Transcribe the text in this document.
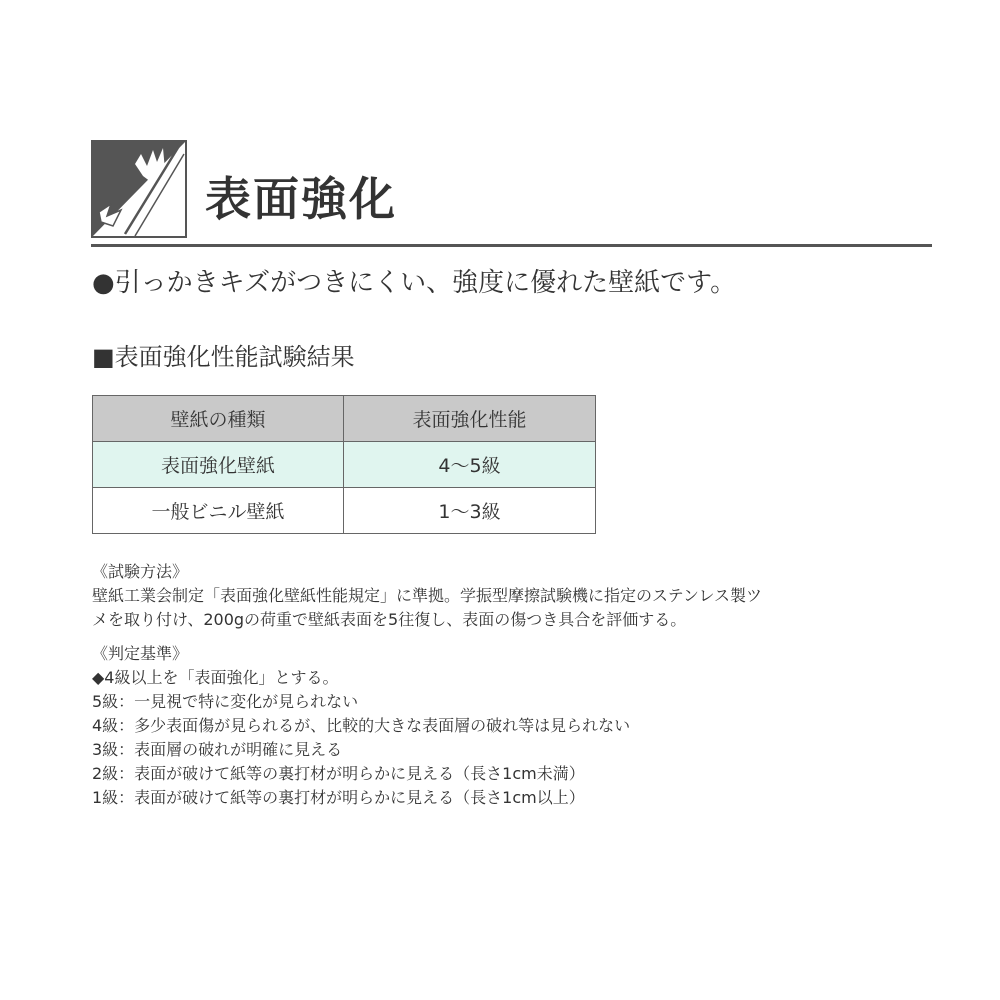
表面強化
●引っかきキズがつきにくい、強度に優れた壁紙です。
■表面強化性能試験結果
壁紙の種類	表面強化性能
表面強化壁紙	4〜5級
一般ビニル壁紙	1〜3級
《試験方法》
壁紙工業会制定「表面強化壁紙性能規定」に準拠。学振型摩擦試験機に指定のステンレス製ツ
メを取り付け、200gの荷重で壁紙表面を5往復し、表面の傷つき具合を評価する。
《判定基準》
◆4級以上を「表面強化」とする。
5級：一見視で特に変化が見られない
4級：多少表面傷が見られるが、比較的大きな表面層の破れ等は見られない
3級：表面層の破れが明確に見える
2級：表面が破けて紙等の裏打材が明らかに見える（長さ1cm未満）
1級：表面が破けて紙等の裏打材が明らかに見える（長さ1cm以上）
